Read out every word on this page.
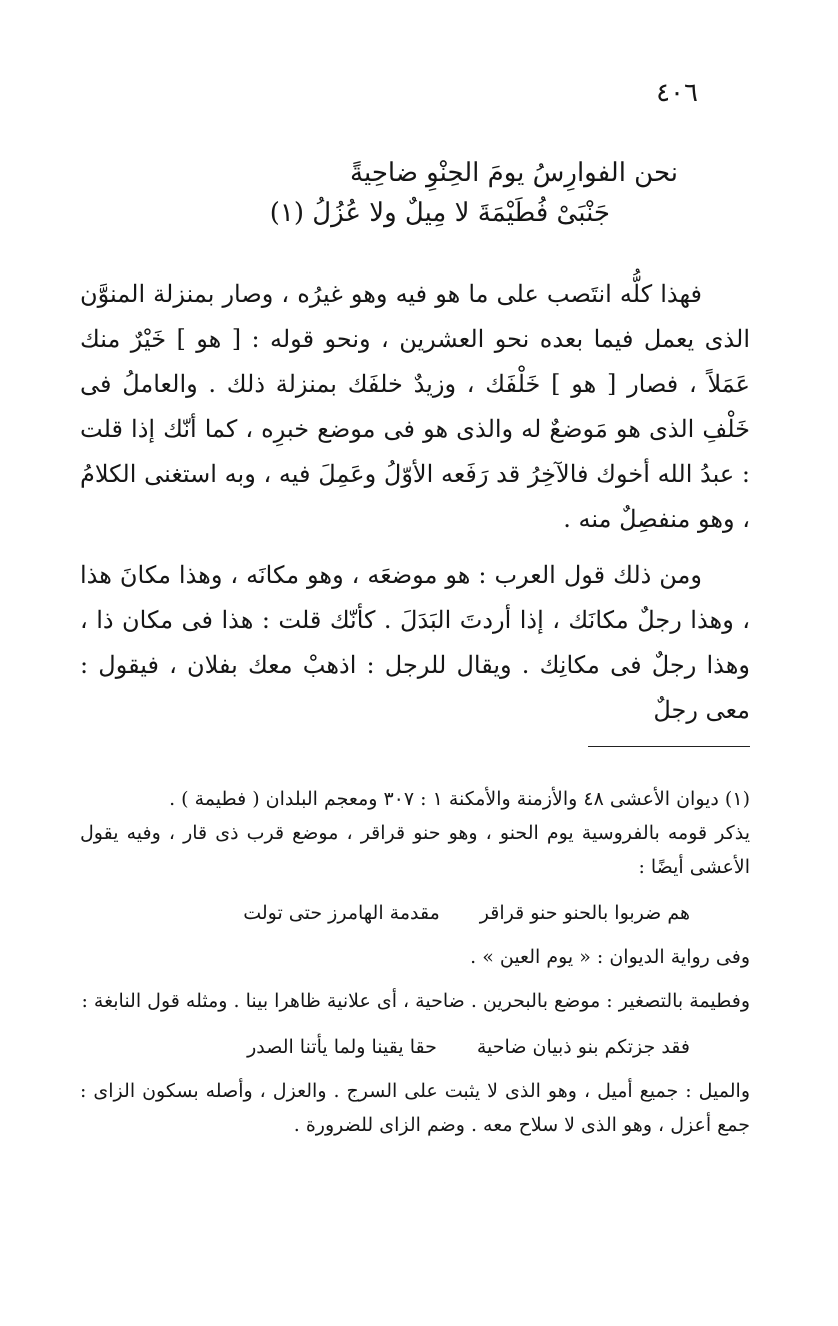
٤٠٦
نحن الفوارِسُ يومَ الحِنْوِ ضاحِيةً
جَنْبَىْ فُطَيْمَةَ لا مِيلٌ ولا عُزُلُ (١)
فهذا كلُّه انتَصب على ما هو فيه وهو غيرُه ، وصار بمنزلة المنوَّن الذى يعمل فيما بعده نحو العشرين ، ونحو قوله : [ هو ] خَيْرٌ منك عَمَلاً ، فصار [ هو ] خَلْفَك ، وزيدٌ خلفَك بمنزلة ذلك . والعاملُ فى خَلْفِ الذى هو مَوضعٌ له والذى هو فى موضع خبرِه ، كما أنّك إذا قلت : عبدُ الله أخوك فالآخِرُ قد رَفَعه الأوّلُ وعَمِلَ فيه ، وبه استغنى الكلامُ ، وهو منفصِلٌ منه .
ومن ذلك قول العرب : هو موضعَه ، وهو مكانَه ، وهذا مكانَ هذا ، وهذا رجلٌ مكانَك ، إذا أردتَ البَدَلَ . كأنّك قلت : هذا فى مكان ذا ، وهذا رجلٌ فى مكانِك . ويقال للرجل : اذهبْ معك بفلان ، فيقول : معى رجلٌ
(١) ديوان الأعشى ٤٨ والأزمنة والأمكنة ١ : ٣٠٧ ومعجم البلدان ( فطيمة ) .
يذكر قومه بالفروسية يوم الحنو ، وهو حنو قراقر ، موضع قرب ذى قار ، وفيه يقول الأعشى أيضًا :
هم ضربوا بالحنو حنو قراقر
مقدمة الهامرز حتى تولت
وفى رواية الديوان : « يوم العين » .
وفطيمة بالتصغير : موضع بالبحرين . ضاحية ، أى علانية ظاهرا بينا . ومثله قول النابغة :
فقد جزتكم بنو ذبيان ضاحية
حقا يقينا ولما يأتنا الصدر
والميل : جميع أميل ، وهو الذى لا يثبت على السرج . والعزل ، وأصله بسكون الزاى : جمع أعزل ، وهو الذى لا سلاح معه . وضم الزاى للضرورة .
